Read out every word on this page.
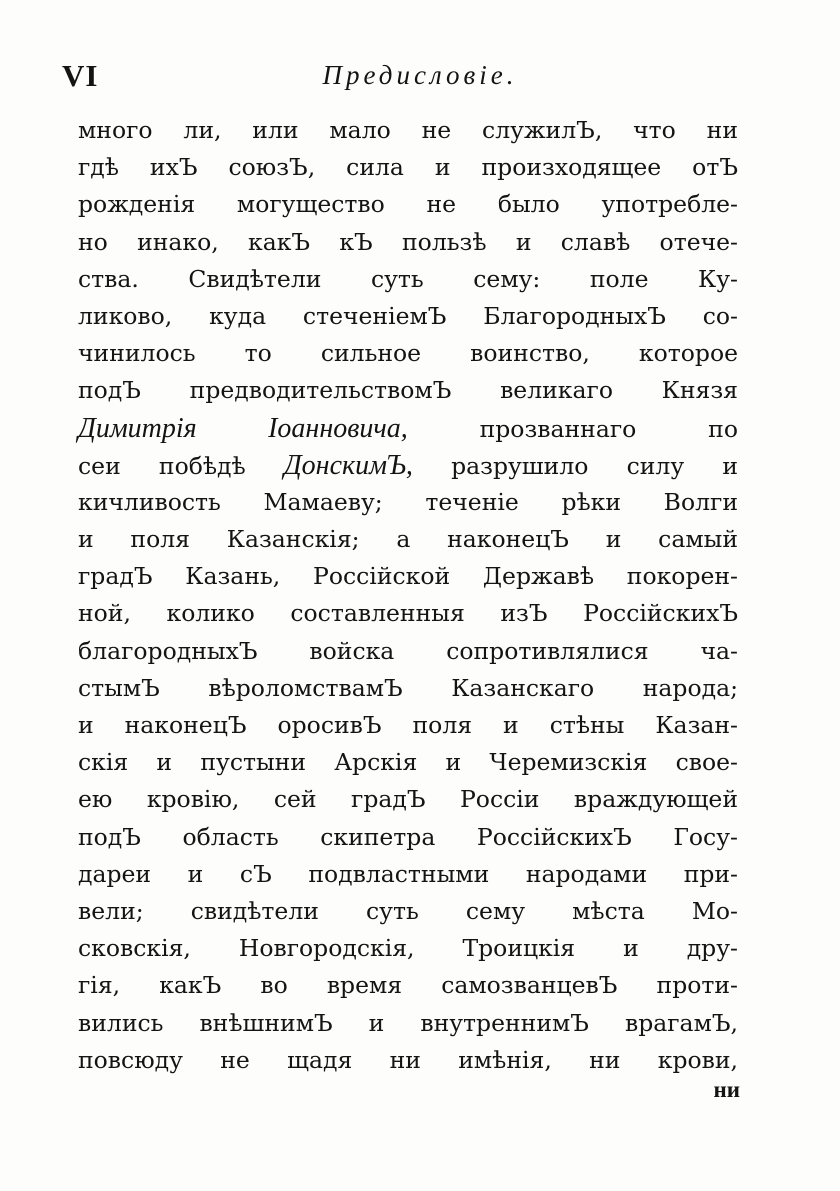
VI	Предисловіе.
много ли, или мало не служилЪ, что ни
гдѣ ихЪ союзЪ, сила и произходящее отЪ
рожденія могущество не было употребле-
но инако, какЪ кЪ пользѣ и славѣ отече-
ства. Свидѣтели суть сему: поле Ку-
ликово, куда стеченіемЪ БлагородныхЪ со-
чинилось то сильное воинство, которое
подЪ предводительствомЪ великаго Князя
Димитрія Іоанновича, прозваннаго по
сеи побѣдѣ ДонскимЪ, разрушило силу и
кичливость Мамаеву; теченіе рѣки Волги
и поля Казанскія; а наконецЪ и самый
градЪ Казань, Россійской Державѣ покорен-
ной, колико составленныя изЪ РоссійскихЪ
благородныхЪ войска сопротивлялися ча-
стымЪ вѣроломствамЪ Казанскаго народа;
и наконецЪ оросивЪ поля и стѣны Казан-
скія и пустыни Арскія и Черемизскія свое-
ею кровію, сей градЪ Россіи враждующей
подЪ область скипетра РоссійскихЪ Госу-
дареи и сЪ подвластными народами при-
вели; свидѣтели суть сему мѣста Мо-
сковскія, Новгородскія, Троицкія и дру-
гія, какЪ во время самозванцевЪ проти-
вились внѣшнимЪ и внутреннимЪ врагамЪ,
повсюду не щадя ни имѣнія, ни крови,
ни
